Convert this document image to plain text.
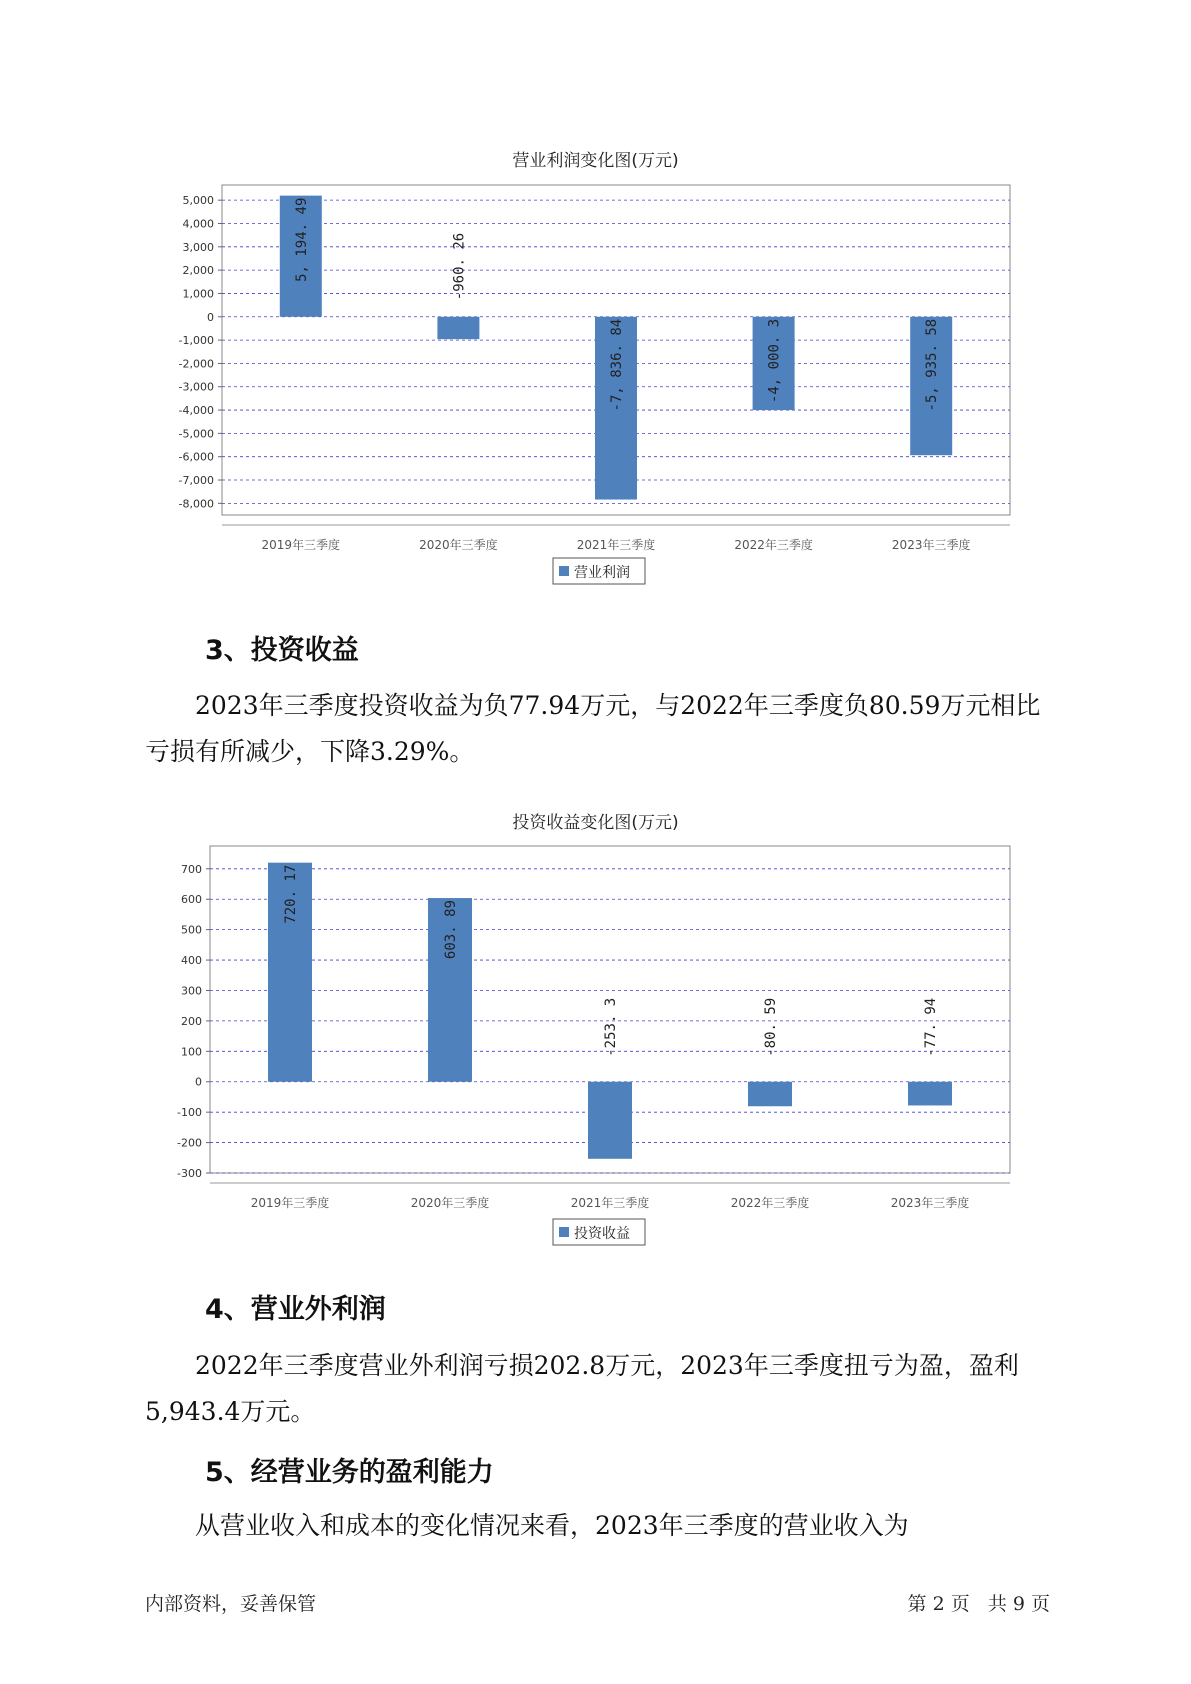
营业利润变化图(万元)
5,000
4,000
3,000
2,000
1,000
0
-1,000
-2,000
-3,000
-4,000
-5,000
-6,000
-7,000
-8,000
5, 194. 49
2019年三季度
-960. 26
2020年三季度
-7, 836. 84
2021年三季度
-4, 000. 3
2022年三季度
-5, 935. 58
2023年三季度
营业利润
3、投资收益

2023年三季度投资收益为负77.94万元，与2022年三季度负80.59万元相比亏损有所减少，下降3.29%。

投资收益变化图(万元)
700
600
500
400
300
200
100
0
-100
-200
-300
720. 17
2019年三季度
603. 89
2020年三季度
-253. 3
2021年三季度
-80. 59
2022年三季度
-77. 94
2023年三季度
投资收益
4、营业外利润

2022年三季度营业外利润亏损202.8万元，2023年三季度扭亏为盈，盈利5,943.4万元。

5、经营业务的盈利能力

从营业收入和成本的变化情况来看，2023年三季度的营业收入为

内部资料，妥善保管	第 2 页   共 9 页
